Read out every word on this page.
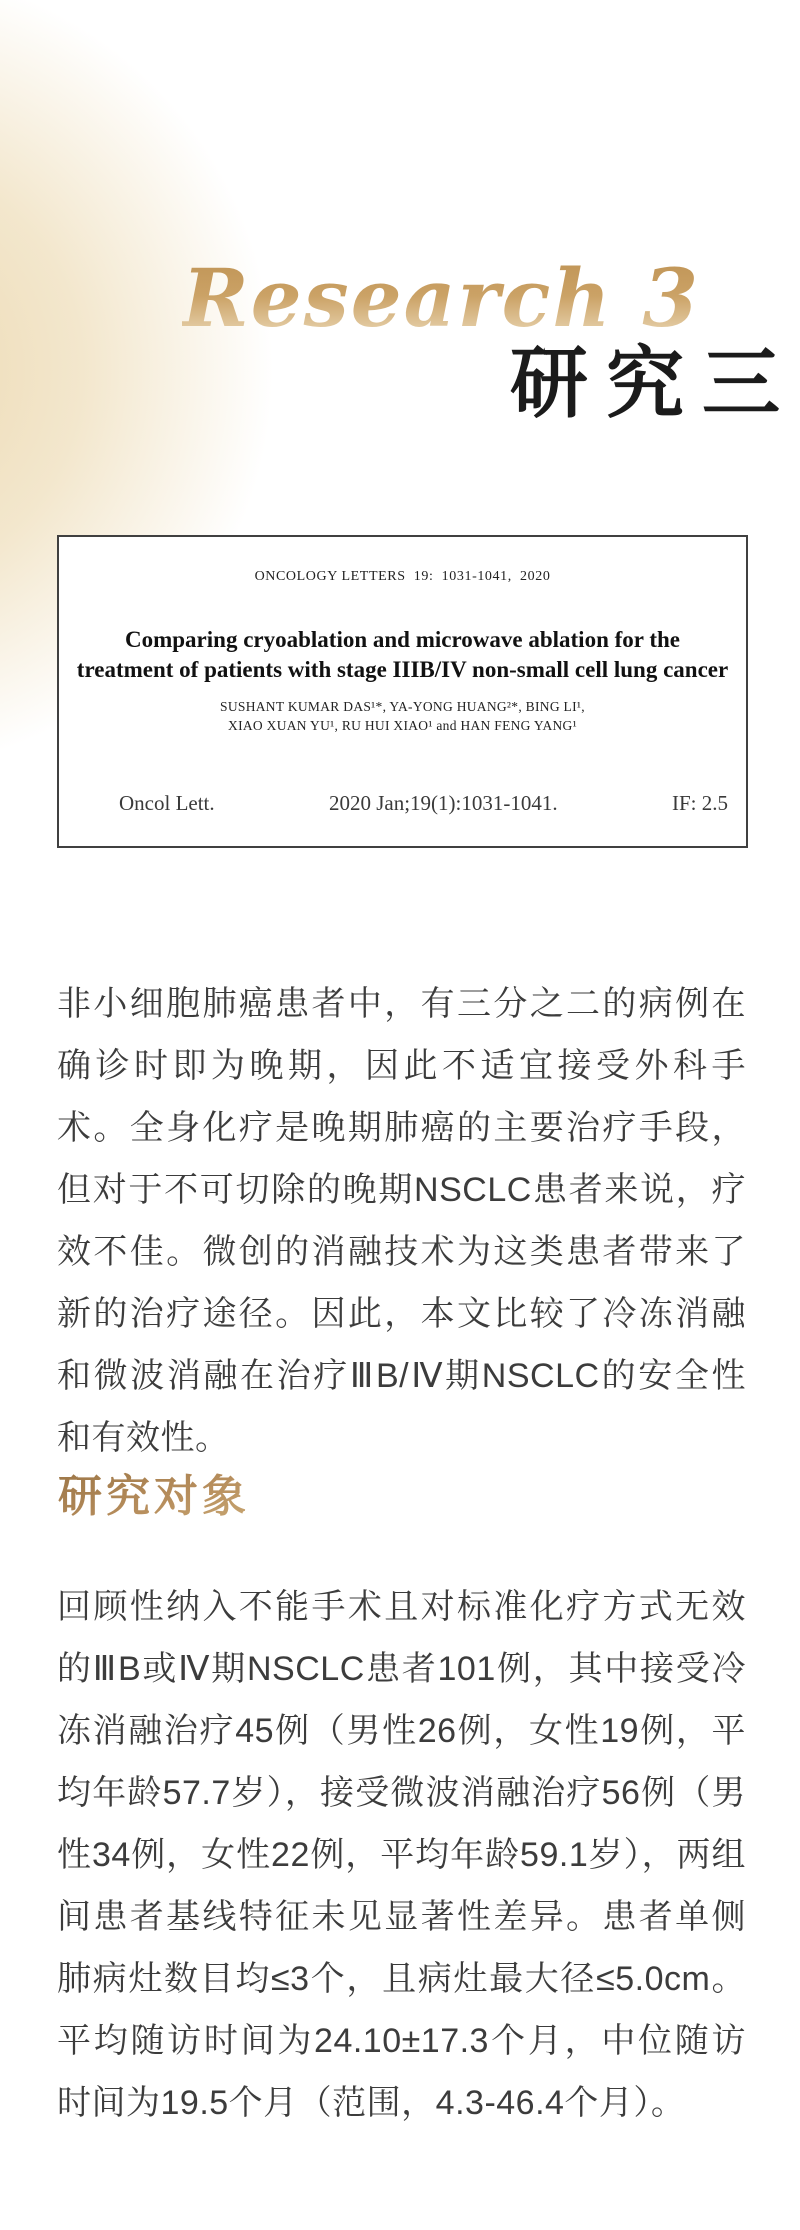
Research 3
研究三
ONCOLOGY LETTERS  19:  1031-1041,  2020
Comparing cryoablation and microwave ablation for the
treatment of patients with stage IIIB/IV non-small cell lung cancer
SUSHANT KUMAR DAS¹*, YA-YONG HUANG²*, BING LI¹,
XIAO XUAN YU¹, RU HUI XIAO¹ and HAN FENG YANG¹
Oncol Lett.	2020 Jan;19(1):1031-1041.	IF: 2.5
非小细胞肺癌患者中，有三分之二的病例在确诊时即为晚期，因此不适宜接受外科手术。全身化疗是晚期肺癌的主要治疗手段，但对于不可切除的晚期NSCLC患者来说，疗效不佳。微创的消融技术为这类患者带来了新的治疗途径。因此，本文比较了冷冻消融和微波消融在治疗ⅢB/Ⅳ期NSCLC的安全性和有效性。
研究对象
回顾性纳入不能手术且对标准化疗方式无效的ⅢB或Ⅳ期NSCLC患者101例，其中接受冷冻消融治疗45例（男性26例，女性19例，平均年龄57.7岁），接受微波消融治疗56例（男性34例，女性22例，平均年龄59.1岁），两组间患者基线特征未见显著性差异。患者单侧肺病灶数目均≤3个，且病灶最大径≤5.0cm。平均随访时间为24.10±17.3个月，中位随访时间为19.5个月（范围，4.3-46.4个月）。
